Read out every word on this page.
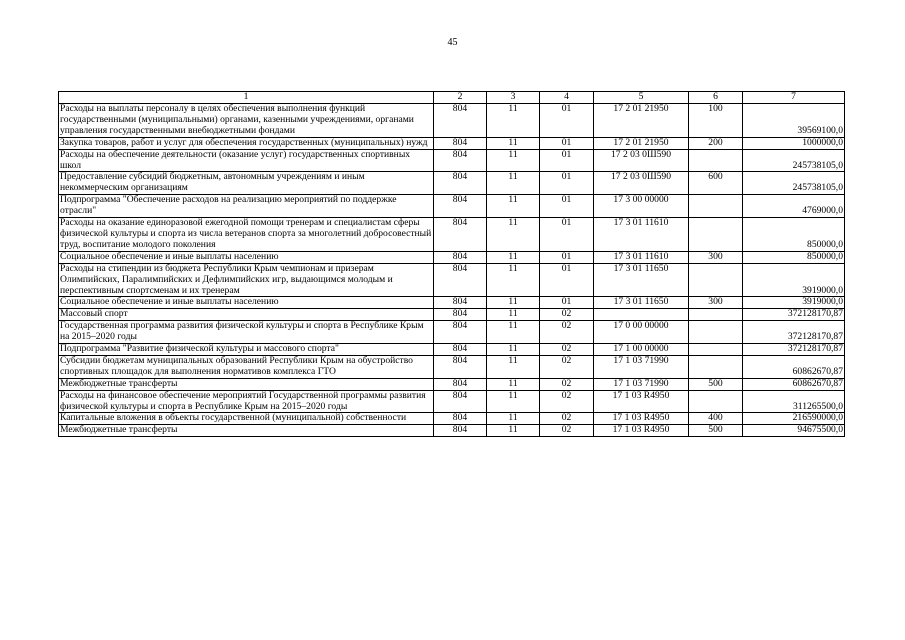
45
1	2	3	4	5	6	7
Расходы на выплаты персоналу в целях обеспечения выполнения функций государственными (муниципальными) органами, казенными учреждениями, органами управления государственными внебюджетными фондами	804	11	01	17 2 01 21950	100	39569100,0
Закупка товаров, работ и услуг для обеспечения государственных (муниципальных) нужд	804	11	01	17 2 01 21950	200	1000000,0
Расходы на обеспечение деятельности (оказание услуг) государственных спортивных школ	804	11	01	17 2 03 0Ш590		245738105,0
Предоставление субсидий бюджетным, автономным учреждениям и иным некоммерческим организациям	804	11	01	17 2 03 0Ш590	600	245738105,0
Подпрограмма "Обеспечение расходов на реализацию мероприятий по поддержке отрасли"	804	11	01	17 3 00 00000		4769000,0
Расходы на оказание единоразовой ежегодной помощи тренерам и специалистам сферы физической культуры и спорта из числа ветеранов спорта за многолетний добросовестный труд, воспитание молодого поколения	804	11	01	17 3 01 11610		850000,0
Социальное обеспечение и иные выплаты населению	804	11	01	17 3 01 11610	300	850000,0
Расходы на стипендии из бюджета Республики Крым чемпионам и призерам Олимпийских, Паралимпийских и Дефлимпийских игр, выдающимся молодым и перспективным спортсменам и их тренерам	804	11	01	17 3 01 11650		3919000,0
Социальное обеспечение и иные выплаты населению	804	11	01	17 3 01 11650	300	3919000,0
Массовый спорт	804	11	02			372128170,87
Государственная программа развития физической культуры и спорта в Республике Крым на 2015–2020 годы	804	11	02	17 0 00 00000		372128170,87
Подпрограмма "Развитие физической культуры и массового спорта"	804	11	02	17 1 00 00000		372128170,87
Субсидии бюджетам муниципальных образований Республики Крым на обустройство спортивных площадок для выполнения нормативов комплекса ГТО	804	11	02	17 1 03 71990		60862670,87
Межбюджетные трансферты	804	11	02	17 1 03 71990	500	60862670,87
Расходы на финансовое обеспечение мероприятий Государственной программы развития физической культуры и спорта в Республике Крым на 2015–2020 годы	804	11	02	17 1 03 R4950		311265500,0
Капитальные вложения в объекты государственной (муниципальной) собственности	804	11	02	17 1 03 R4950	400	216590000,0
Межбюджетные трансферты	804	11	02	17 1 03 R4950	500	94675500,0
